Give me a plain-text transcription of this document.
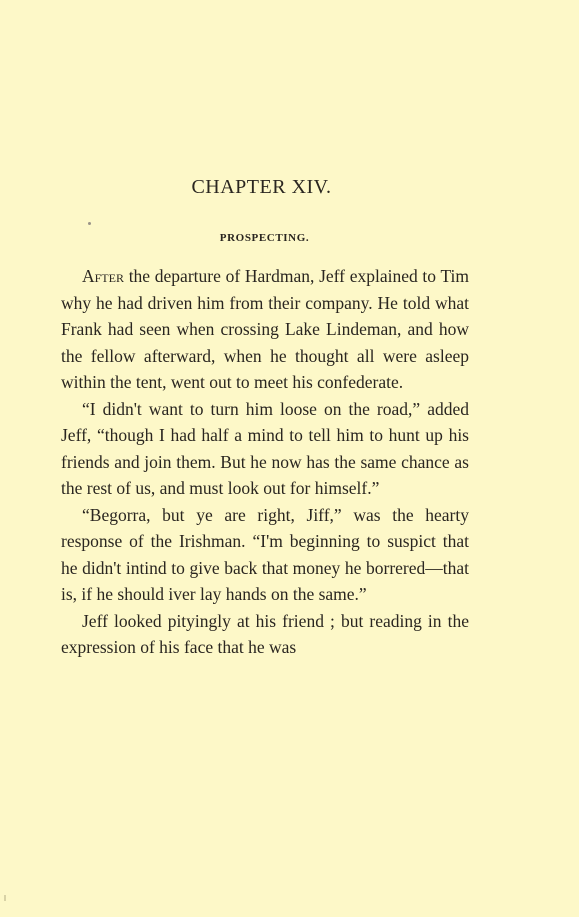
CHAPTER XIV.
PROSPECTING.

After the departure of Hardman, Jeff explained to Tim why he had driven him from their company. He told what Frank had seen when crossing Lake Lindeman, and how the fellow afterward, when he thought all were asleep within the tent, went out to meet his confederate.

“I didn't want to turn him loose on the road,” added Jeff, “though I had half a mind to tell him to hunt up his friends and join them. But he now has the same chance as the rest of us, and must look out for himself.”

“Begorra, but ye are right, Jiff,” was the hearty response of the Irishman. “I'm beginning to suspict that he didn't intind to give back that money he borrered—that is, if he should iver lay hands on the same.”

Jeff looked pityingly at his friend ; but reading in the expression of his face that he was
